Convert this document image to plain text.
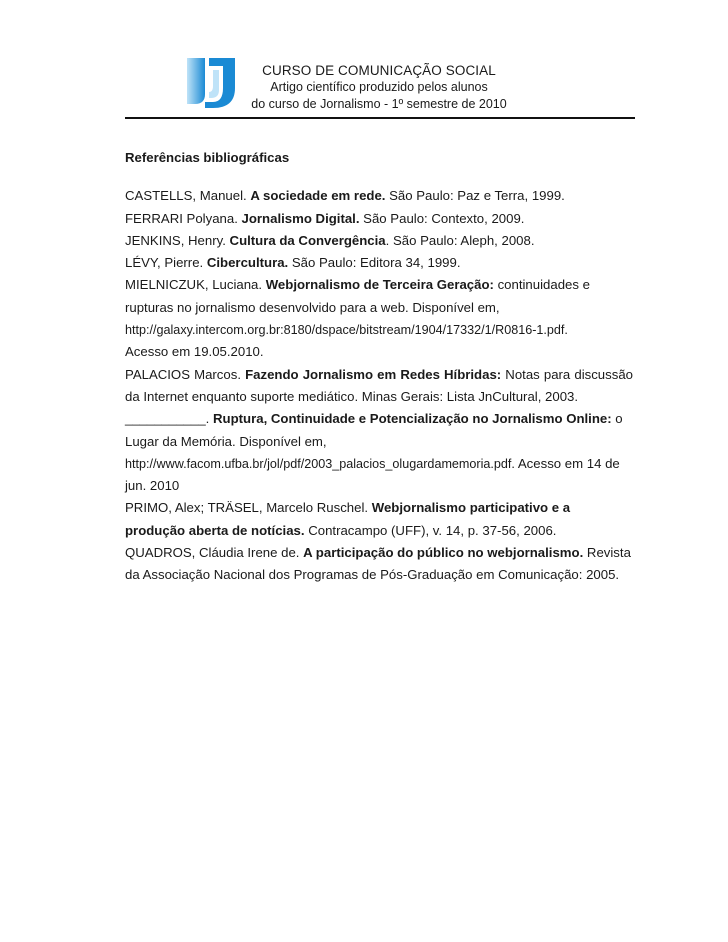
CURSO DE COMUNICAÇÃO SOCIAL
Artigo científico produzido pelos alunos
do curso de Jornalismo - 1º semestre de 2010

Referências bibliográficas

CASTELLS, Manuel. A sociedade em rede. São Paulo: Paz e Terra, 1999.

FERRARI Polyana. Jornalismo Digital. São Paulo: Contexto, 2009.

JENKINS, Henry. Cultura da Convergência. São Paulo: Aleph, 2008.

LÉVY, Pierre. Cibercultura. São Paulo: Editora 34, 1999.

MIELNICZUK, Luciana. Webjornalismo de Terceira Geração: continuidades e rupturas no jornalismo desenvolvido para a web. Disponível em,
http://galaxy.intercom.org.br:8180/dspace/bitstream/1904/17332/1/R0816-1.pdf.
Acesso em 19.05.2010.

PALACIOS Marcos. Fazendo Jornalismo em Redes Híbridas: Notas para discussão da Internet enquanto suporte mediático. Minas Gerais: Lista JnCultural, 2003.

___________. Ruptura, Continuidade e Potencialização no Jornalismo Online: o Lugar da Memória. Disponível em,
http://www.facom.ufba.br/jol/pdf/2003_palacios_olugardamemoria.pdf. Acesso em 14 de jun. 2010

PRIMO, Alex; TRÄSEL, Marcelo Ruschel. Webjornalismo participativo e a produção aberta de notícias. Contracampo (UFF), v. 14, p. 37-56, 2006.

QUADROS, Cláudia Irene de. A participação do público no webjornalismo. Revista da Associação Nacional dos Programas de Pós-Graduação em Comunicação: 2005.
